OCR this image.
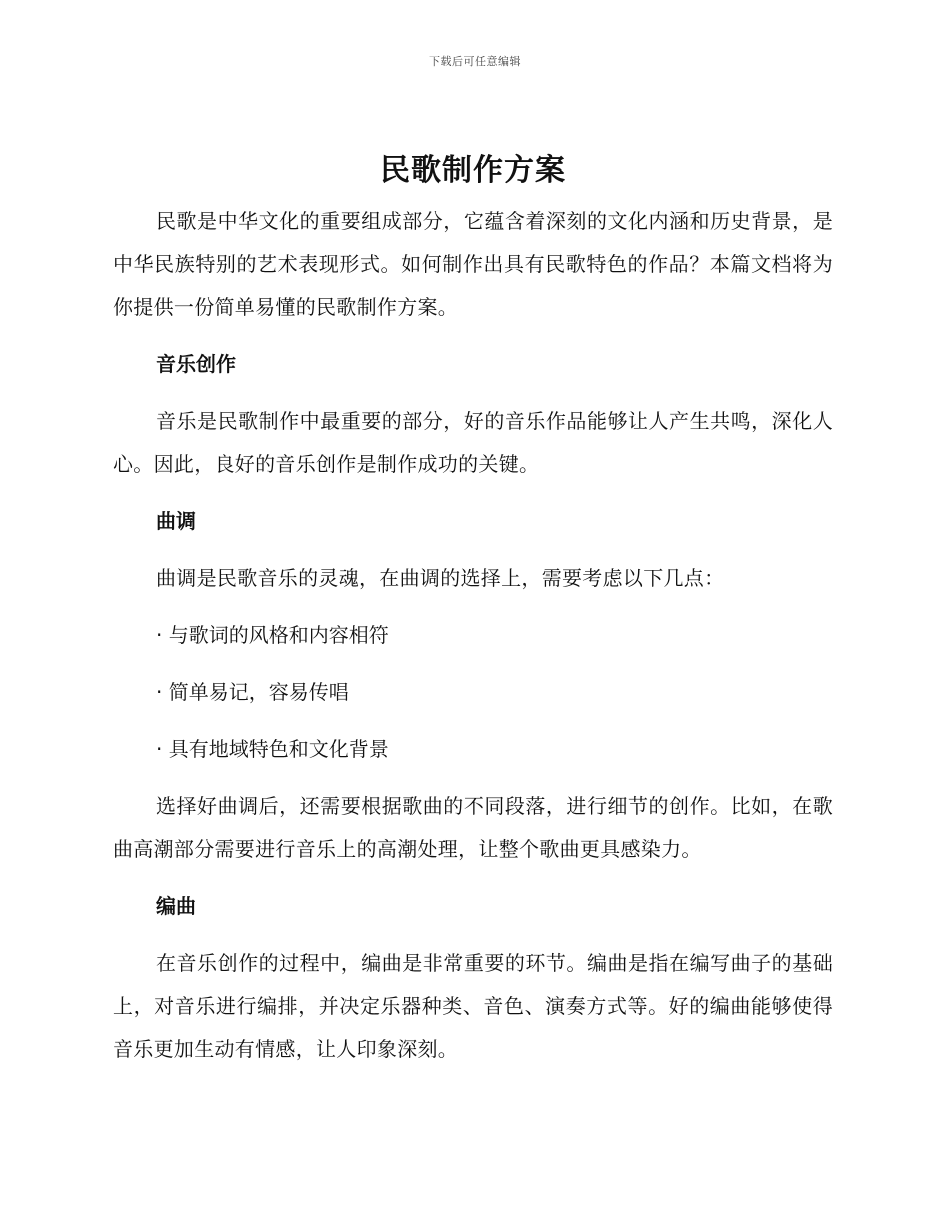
下载后可任意编辑
民歌制作方案

民歌是中华文化的重要组成部分，它蕴含着深刻的文化内涵和历史背景，是中华民族特别的艺术表现形式。如何制作出具有民歌特色的作品？本篇文档将为你提供一份简单易懂的民歌制作方案。

音乐创作

音乐是民歌制作中最重要的部分，好的音乐作品能够让人产生共鸣，深化人心。因此，良好的音乐创作是制作成功的关键。

曲调

曲调是民歌音乐的灵魂，在曲调的选择上，需要考虑以下几点：

· 与歌词的风格和内容相符
· 简单易记，容易传唱
· 具有地域特色和文化背景

选择好曲调后，还需要根据歌曲的不同段落，进行细节的创作。比如，在歌曲高潮部分需要进行音乐上的高潮处理，让整个歌曲更具感染力。

编曲

在音乐创作的过程中，编曲是非常重要的环节。编曲是指在编写曲子的基础上，对音乐进行编排，并决定乐器种类、音色、演奏方式等。好的编曲能够使得音乐更加生动有情感，让人印象深刻。
